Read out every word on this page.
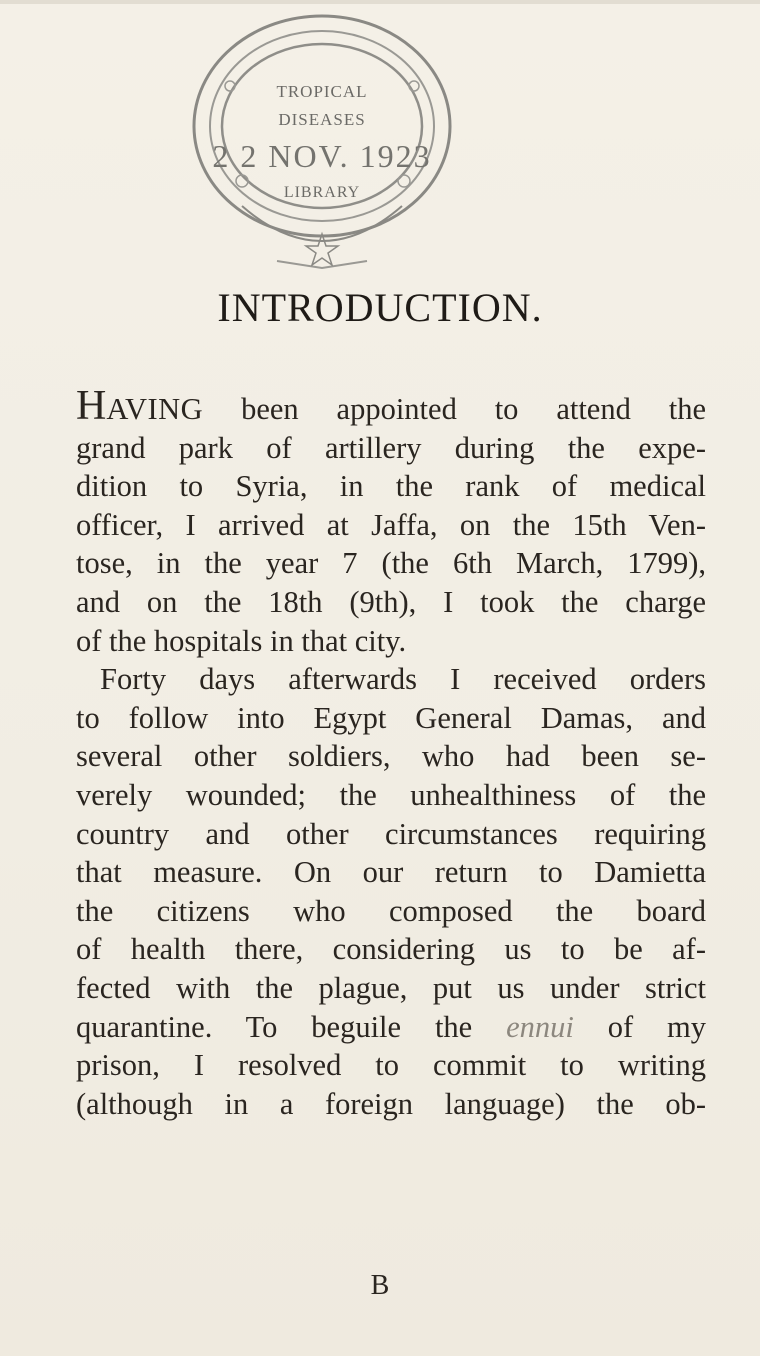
TROPICAL
DISEASES
2 2 NOV. 1923
LIBRARY
INTRODUCTION.
HAVING been appointed to attend the
grand park of artillery during the expe-
dition to Syria, in the rank of medical
officer, I arrived at Jaffa, on the 15th Ven-
tose, in the year 7 (the 6th March, 1799),
and on the 18th (9th), I took the charge
of the hospitals in that city.
Forty days afterwards I received orders
to follow into Egypt General Damas, and
several other soldiers, who had been se-
verely wounded; the unhealthiness of the
country and other circumstances requiring
that measure. On our return to Damietta
the citizens who composed the board
of health there, considering us to be af-
fected with the plague, put us under strict
quarantine. To beguile the ennui of my
prison, I resolved to commit to writing
(although in a foreign language) the ob-
B
